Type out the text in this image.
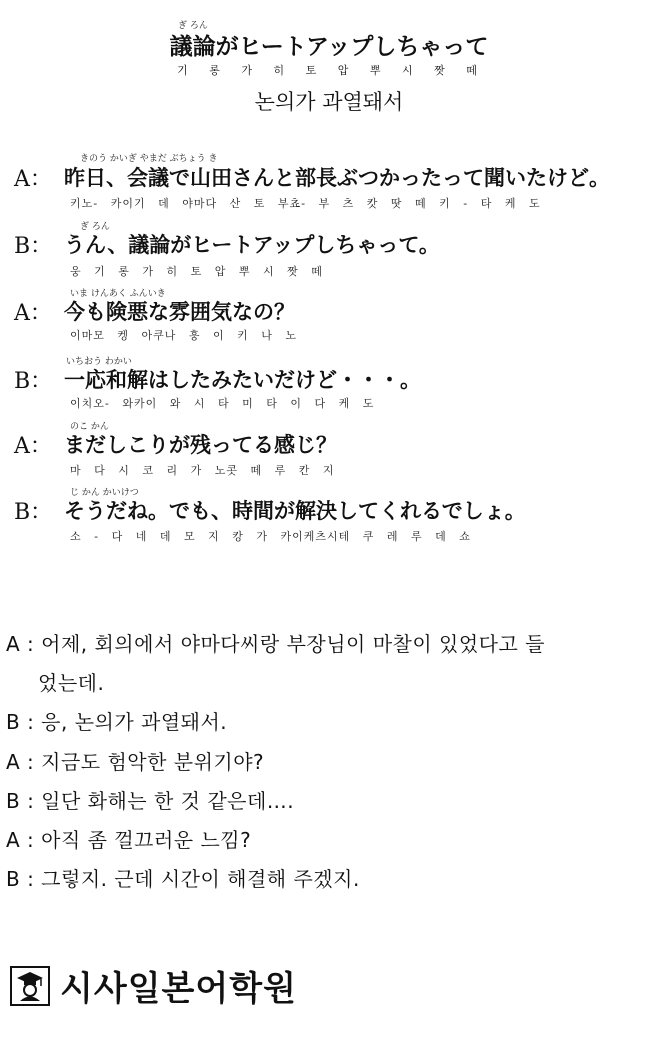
ぎ ろん
議論がヒートアップしちゃって
기 롱 가 히 토 압 뿌 시 짯 떼
논의가 과열돼서
きのう かいぎ やまだ ぶちょう き
A： 昨日、会議で山田さんと部長ぶつかったって聞いたけど。
키노- 카이기 데 야마다 산 토 부쵸- 부 츠 캇 땃 떼 키 - 타 케 도
ぎ ろん
B： うん、議論がヒートアップしちゃって。
웅 기 롱 가 히 토 압 뿌 시 짯 떼
いま けんあく ふんいき
A： 今も険悪な雰囲気なの？
이마모 켕 아쿠나 훙 이 키 나 노
いちおう わかい
B： 一応和解はしたみたいだけど・・・。
이치오- 와카이 와 시 타 미 타 이 다 케 도
のこ かん
A： まだしこりが残ってる感じ？
마 다 시 코 리 가 노콧 떼 루 칸 지
じ かん かいけつ
B： そうだね。でも、時間が解決してくれるでしょ。
소 - 다 네 데 모 지 캉 가 카이케츠시테 쿠 레 루 데 쇼
A : 어제, 회의에서 야마다씨랑 부장님이 마찰이 있었다고 들
었는데.
B : 응, 논의가 과열돼서.
A : 지금도 험악한 분위기야?
B : 일단 화해는 한 것 같은데….
A : 아직 좀 껄끄러운 느낌?
B : 그렇지. 근데 시간이 해결해 주겠지.
시사일본어학원
